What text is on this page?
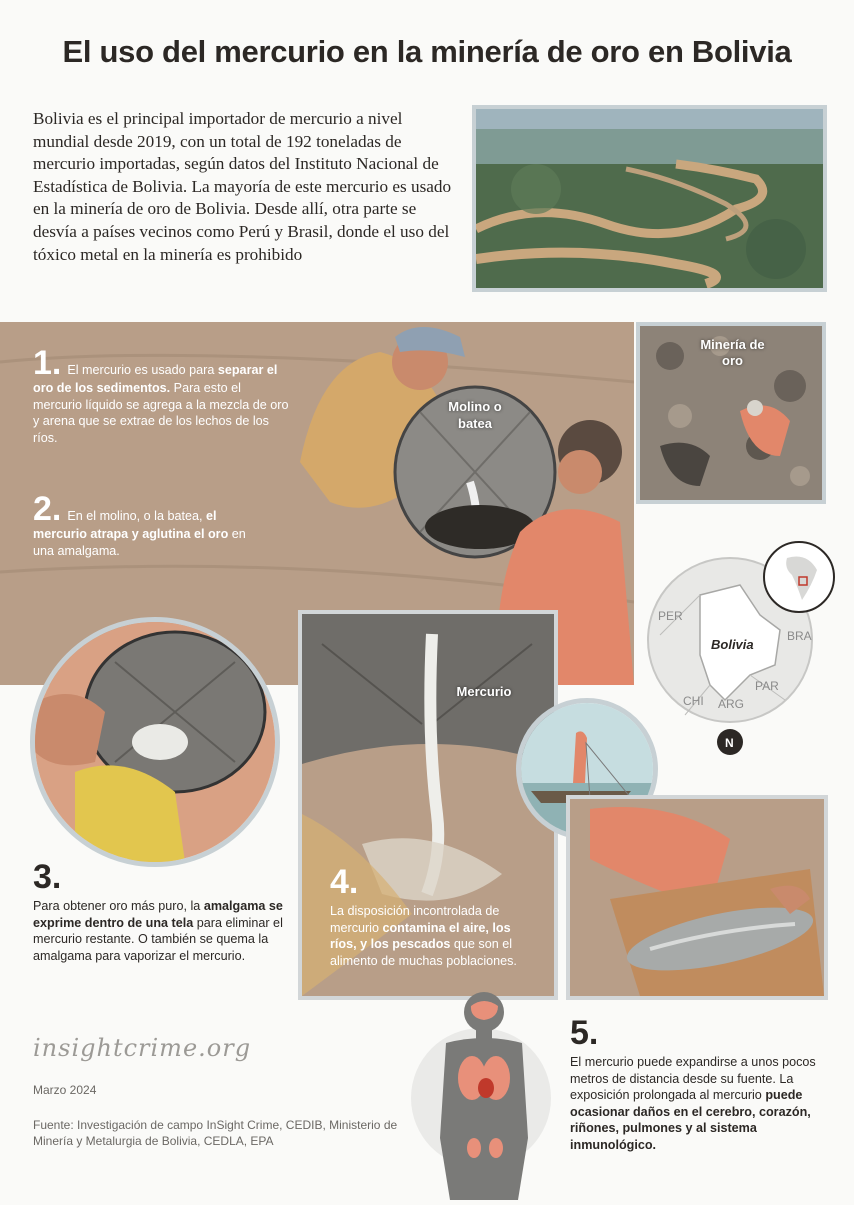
El uso del mercurio en la minería de oro en Bolivia

Bolivia es el principal importador de mercurio a nivel mundial desde 2019, con un total de 192 toneladas de mercurio importadas, según datos del Instituto Nacional de Estadística de Bolivia. La mayoría de este mercurio es usado en la minería de oro de Bolivia. Desde allí, otra parte se desvía a países vecinos como Perú y Brasil, donde el uso del tóxico metal en la minería es prohibido

Molino o batea
1. El mercurio es usado para separar el oro de los sedimentos. Para esto el mercurio líquido se agrega a la mezcla de oro y arena que se extrae de los lechos de los ríos.
2. En el molino, o la batea, el mercurio atrapa y aglutina el oro en una amalgama.
Minería de oro
PER
BRA
PAR
CHI ARG
Bolivia
N
3.
Para obtener oro más puro, la amalgama se exprime dentro de una tela para eliminar el mercurio restante. O también se quema la amalgama para vaporizar el mercurio.
Mercurio
4.
La disposición incontrolada de mercurio contamina el aire, los ríos, y los pescados que son el alimento de muchas poblaciones.
5.
El mercurio puede expandirse a unos pocos metros de distancia desde su fuente. La exposición prolongada al mercurio puede ocasionar daños en el cerebro, corazón, riñones, pulmones y al sistema inmunológico.
insightcrime.org
Marzo 2024
Fuente: Investigación de campo InSight Crime, CEDIB, Ministerio de Minería y Metalurgia de Bolivia, CEDLA, EPA
